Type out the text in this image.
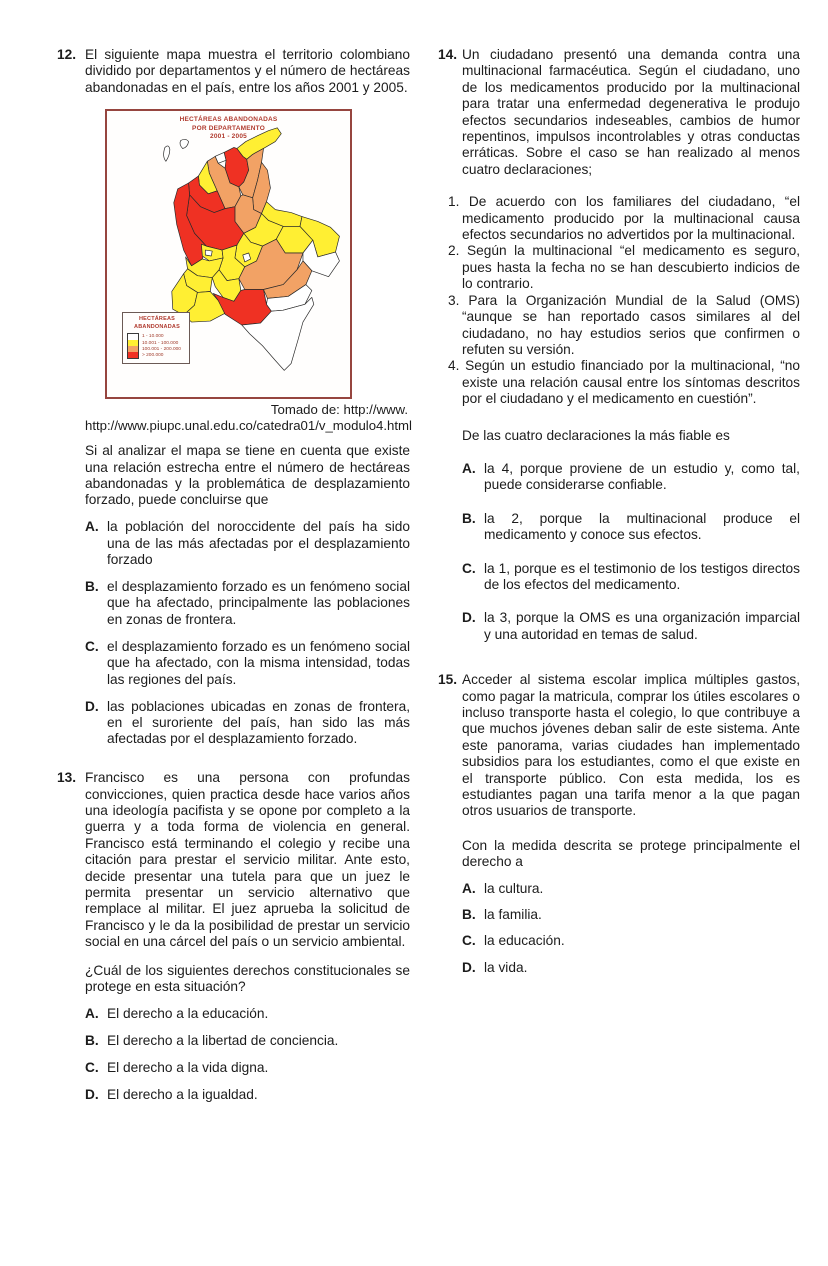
12. El siguiente mapa muestra el territorio colombiano dividido por departamentos y el número de hectáreas abandonadas en el país, entre los años 2001 y 2005.

HECTÁREAS ABANDONADAS
POR DEPARTAMENTO
2001 - 2005
HECTÁREAS
ABANDONADAS
1 - 10.000
10.001 - 100.000
100.001 - 200.000
> 200.000
Tomado de: http://www.
http://www.piupc.unal.edu.co/catedra01/v_modulo4.html

Si al analizar el mapa se tiene en cuenta que existe una relación estrecha entre el número de hectáreas abandonadas y la problemática de desplazamiento forzado, puede concluirse que

A. la población del noroccidente del país ha sido una de las más afectadas por el desplazamiento forzado
B. el desplazamiento forzado es un fenómeno social que ha afectado, principalmente las poblaciones en zonas de frontera.
C. el desplazamiento forzado es un fenómeno social que ha afectado, con la misma intensidad, todas las regiones del país.
D. las poblaciones ubicadas en zonas de frontera, en el suroriente del país, han sido las más afectadas por el desplazamiento forzado.
13. Francisco es una persona con profundas convicciones, quien practica desde hace varios años una ideología pacifista y se opone por completo a la guerra y a toda forma de violencia en general. Francisco está terminando el colegio y recibe una citación para prestar el servicio militar. Ante esto, decide presentar una tutela para que un juez le permita presentar un servicio alternativo que remplace al militar. El juez aprueba la solicitud de Francisco y le da la posibilidad de prestar un servicio social en una cárcel del país o un servicio ambiental.

¿Cuál de los siguientes derechos constitucionales se protege en esta situación?

A. El derecho a la educación.
B. El derecho a la libertad de conciencia.
C. El derecho a la vida digna.
D. El derecho a la igualdad.
14. Un ciudadano presentó una demanda contra una multinacional farmacéutica. Según el ciudadano, uno de los medicamentos producido por la multinacional para tratar una enfermedad degenerativa le produjo efectos secundarios indeseables, cambios de humor repentinos, impulsos incontrolables y otras conductas erráticas. Sobre el caso se han realizado al menos cuatro declaraciones;

1. De acuerdo con los familiares del ciudadano, “el medicamento producido por la multinacional causa efectos secundarios no advertidos por la multinacional.
2. Según la multinacional “el medicamento es seguro, pues hasta la fecha no se han descubierto indicios de lo contrario.
3. Para la Organización Mundial de la Salud (OMS) “aunque se han reportado casos similares al del ciudadano, no hay estudios serios que confirmen o refuten su versión.
4. Según un estudio financiado por la multinacional, “no existe una relación causal entre los síntomas descritos por el ciudadano y el medicamento en cuestión”.

De las cuatro declaraciones la más fiable es

A. la 4, porque proviene de un estudio y, como tal, puede considerarse confiable.
B. la 2, porque la multinacional produce el medicamento y conoce sus efectos.
C. la 1, porque es el testimonio de los testigos directos de los efectos del medicamento.
D. la 3, porque la OMS es una organización imparcial y una autoridad en temas de salud.
15. Acceder al sistema escolar implica múltiples gastos, como pagar la matricula, comprar los útiles escolares o incluso transporte hasta el colegio, lo que contribuye a que muchos jóvenes deban salir de este sistema. Ante este panorama, varias ciudades han implementado subsidios para los estudiantes, como el que existe en el transporte público. Con esta medida, los es estudiantes pagan una tarifa menor a la que pagan otros usuarios de transporte.

Con la medida descrita se protege principalmente el derecho a

A. la cultura.
B. la familia.
C. la educación.
D. la vida.
